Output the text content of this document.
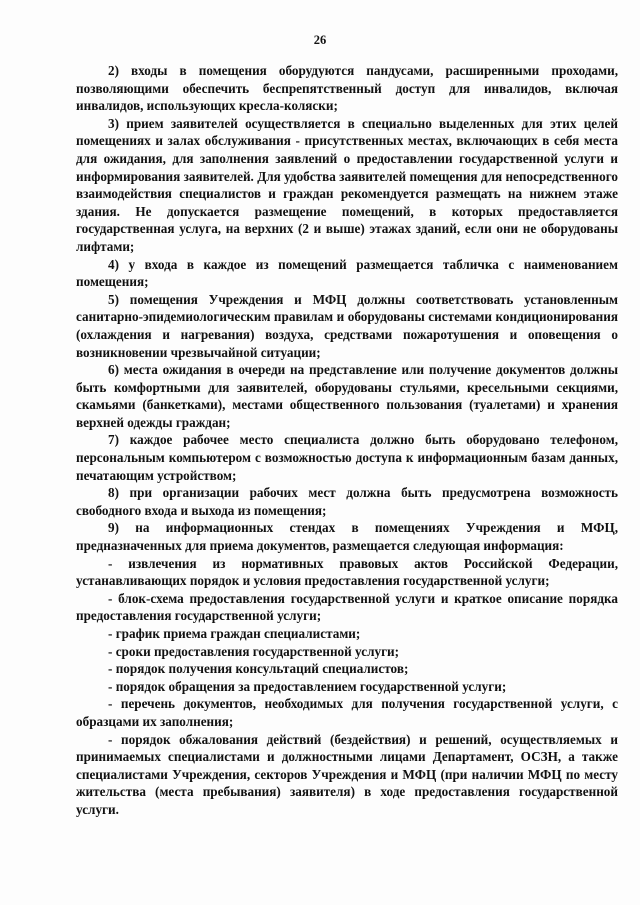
26

2) входы в помещения оборудуются пандусами, расширенными проходами, позволяющими обеспечить беспрепятственный доступ для инвалидов, включая инвалидов, использующих кресла-коляски;

3) прием заявителей осуществляется в специально выделенных для этих целей помещениях и залах обслуживания - присутственных местах, включающих в себя места для ожидания, для заполнения заявлений о предоставлении государственной услуги и информирования заявителей. Для удобства заявителей помещения для непосредственного взаимодействия специалистов и граждан рекомендуется размещать на нижнем этаже здания. Не допускается размещение помещений, в которых предоставляется государственная услуга, на верхних (2 и выше) этажах зданий, если они не оборудованы лифтами;

4) у входа в каждое из помещений размещается табличка с наименованием помещения;

5) помещения Учреждения и МФЦ должны соответствовать установленным санитарно-эпидемиологическим правилам и оборудованы системами кондиционирования (охлаждения и нагревания) воздуха, средствами пожаротушения и оповещения о возникновении чрезвычайной ситуации;

6) места ожидания в очереди на представление или получение документов должны быть комфортными для заявителей, оборудованы стульями, кресельными секциями, скамьями (банкетками), местами общественного пользования (туалетами) и хранения верхней одежды граждан;

7) каждое рабочее место специалиста должно быть оборудовано телефоном, персональным компьютером с возможностью доступа к информационным базам данных, печатающим устройством;

8) при организации рабочих мест должна быть предусмотрена возможность свободного входа и выхода из помещения;

9) на информационных стендах в помещениях Учреждения и МФЦ, предназначенных для приема документов, размещается следующая информация:

- извлечения из нормативных правовых актов Российской Федерации, устанавливающих порядок и условия предоставления государственной услуги;

- блок-схема предоставления государственной услуги и краткое описание порядка предоставления государственной услуги;

- график приема граждан специалистами;

- сроки предоставления государственной услуги;

- порядок получения консультаций специалистов;

- порядок обращения за предоставлением государственной услуги;

- перечень документов, необходимых для получения государственной услуги, с образцами их заполнения;

- порядок обжалования действий (бездействия) и решений, осуществляемых и принимаемых специалистами и должностными лицами Департамент, ОСЗН, а также специалистами Учреждения, секторов Учреждения и МФЦ (при наличии МФЦ по месту жительства (места пребывания) заявителя) в ходе предоставления государственной услуги.
